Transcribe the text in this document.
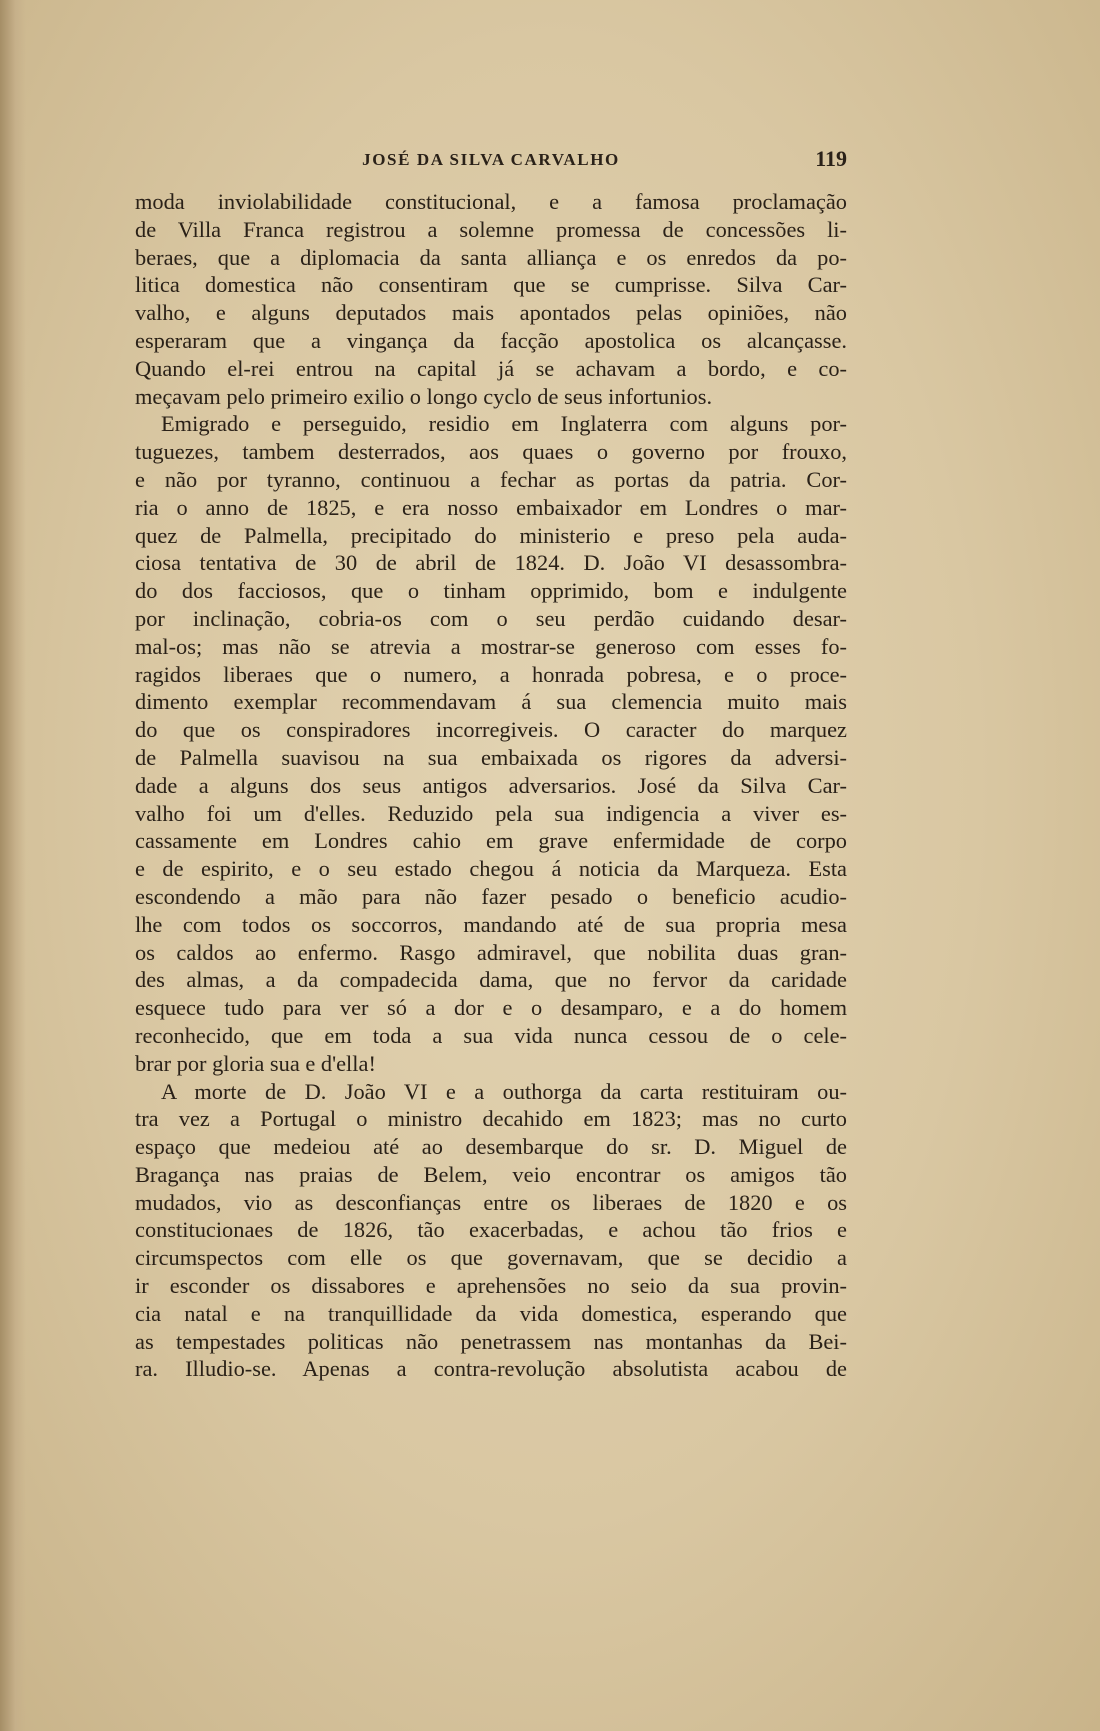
JOSÉ DA SILVA CARVALHO	119
moda inviolabilidade constitucional, e a famosa proclamação
de Villa Franca registrou a solemne promessa de concessões li-
beraes, que a diplomacia da santa alliança e os enredos da po-
litica domestica não consentiram que se cumprisse. Silva Car-
valho, e alguns deputados mais apontados pelas opiniões, não
esperaram que a vingança da facção apostolica os alcançasse.
Quando el-rei entrou na capital já se achavam a bordo, e co-
meçavam pelo primeiro exilio o longo cyclo de seus infortunios.
Emigrado e perseguido, residio em Inglaterra com alguns por-
tuguezes, tambem desterrados, aos quaes o governo por frouxo,
e não por tyranno, continuou a fechar as portas da patria. Cor-
ria o anno de 1825, e era nosso embaixador em Londres o mar-
quez de Palmella, precipitado do ministerio e preso pela auda-
ciosa tentativa de 30 de abril de 1824. D. João VI desassombra-
do dos facciosos, que o tinham opprimido, bom e indulgente
por inclinação, cobria-os com o seu perdão cuidando desar-
mal-os; mas não se atrevia a mostrar-se generoso com esses fo-
ragidos liberaes que o numero, a honrada pobresa, e o proce-
dimento exemplar recommendavam á sua clemencia muito mais
do que os conspiradores incorregiveis. O caracter do marquez
de Palmella suavisou na sua embaixada os rigores da adversi-
dade a alguns dos seus antigos adversarios. José da Silva Car-
valho foi um d'elles. Reduzido pela sua indigencia a viver es-
cassamente em Londres cahio em grave enfermidade de corpo
e de espirito, e o seu estado chegou á noticia da Marqueza. Esta
escondendo a mão para não fazer pesado o beneficio acudio-
lhe com todos os soccorros, mandando até de sua propria mesa
os caldos ao enfermo. Rasgo admiravel, que nobilita duas gran-
des almas, a da compadecida dama, que no fervor da caridade
esquece tudo para ver só a dor e o desamparo, e a do homem
reconhecido, que em toda a sua vida nunca cessou de o cele-
brar por gloria sua e d'ella!
A morte de D. João VI e a outhorga da carta restituiram ou-
tra vez a Portugal o ministro decahido em 1823; mas no curto
espaço que medeiou até ao desembarque do sr. D. Miguel de
Bragança nas praias de Belem, veio encontrar os amigos tão
mudados, vio as desconfianças entre os liberaes de 1820 e os
constitucionaes de 1826, tão exacerbadas, e achou tão frios e
circumspectos com elle os que governavam, que se decidio a
ir esconder os dissabores e aprehensões no seio da sua provin-
cia natal e na tranquillidade da vida domestica, esperando que
as tempestades politicas não penetrassem nas montanhas da Bei-
ra. Illudio-se. Apenas a contra-revolução absolutista acabou de
